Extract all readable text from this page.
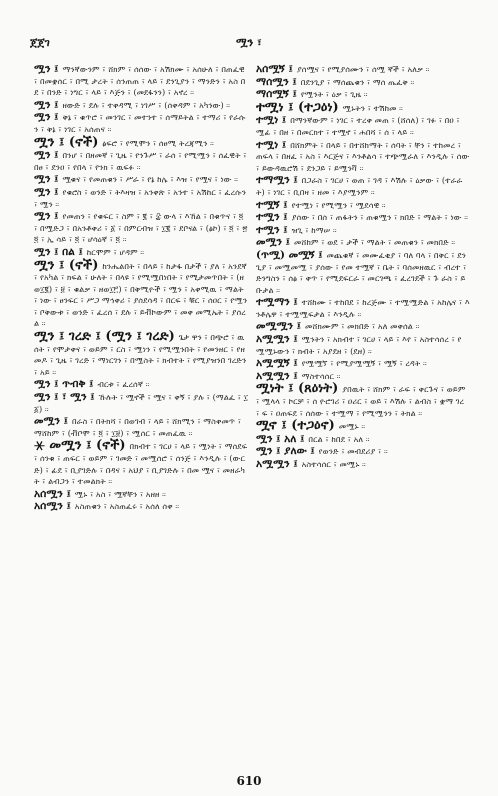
ጀጀገ	ሟን ፣

ሟን ፤ ማንኛውንም ፣ ሸክም ፣ ሰሰው ፣ አሽክሙ ፣ አሰሁለ ፣ በጠፈዊ ፣ በመቋሰር ፣ በሚ ታረት ፣ ሰንጠጠ ፣ ላይ ፣ ደንጊያን ፣ ማንድን ፣ አስ በደ ፣ በንድ ፣ ነግር ፣ ላይ ፣ እጅን ፣ (መደፋንን) ፣ አኖረ ።

ሟን ፤ ዘውድ ፣ ደሉ ፣ ተቀዳሚ ፣ ነገሥ ፣ (ሰቀዳም ፣ አካንው) ።

ሟን ፤ ቅኔ ፣ ቁጥሮ ፣ መንገር ፣ መተንተ ፣ ሰማይትል ፣ ተማሪ ፣ የራሱን ፣ ቅኔ ፣ ነገር ፣ አሰጠና ።

ሟን ፤ (ኖች) ፅፍሮ ፣ የሚሞን ፣ ሰፀሚ ትረጃሚን ።

ሟን ፤ በንሆ ፣ በዘመኛ ፣ ጊዜ ፣ የንጉሥ ፣ ራሰ ፣ የሚሟን ፣ ሰፈዊት ፣ በፀ ፣ ደንዐ ፣ የበላ ፣ የንክ ፣ ዉፍፉ ።

ሟን ፤ ሟቁና ፣ የመጠቁን ፣ ሥራ ፣ የኔ ከሌ ፣ እዝ ፣ የሟና ፣ ነው ።

ሟን ፤ የቁሮስ ፣ ወንድ ፣ ትእዛዝ ፣ አንቀጽ ፣ አንተ ፣ አሽከር ፣ ፈረሱን ፣ ሟን ።

ሟን ፤ የመጠን ፣ የቁፍር ፣ ስም ፣ ፪ ፣ ፰ ውላ ፣ እኸል ፣ በቁጥና ፣ ፬ ፣ በሟድጋ ፣ በአንቶቀሪ ፣ ፩ ፣ በምርብዝ ፣ ፲፪ ፣ ደቦናል ፣ (ፅኮ) ፣ ፬ ፣ ፳፬ ፣ ኢ ሳይ ፣ ፬ ፣ ሆሳዕኛ ፣ ፬ ።

ሟን ፤ በል ፤ ከርሞም ፣ ሆዳም ።

ሟን ፤ (ኖች) ከንሔልበት ፣ በላይ ፣ ከታፋ በታች ፣ ያለ ፣ አንደኛ ፣ የአካል ፣ ክፍል ፣ ሁለት ፣ በላዩ ፣ የሚሟበነበት ፣ የሚታመጥበት ፣ (ዘወ፲፪) ፣ ፱ ፣ ቁልቃ ፣ ዘወ፲፫) ፣ በቅሚዮች ፣ ሟን ፣ አቀሚዉ ፣ ማልት ፣ ነው ፣ ፀንፍር ፣ ሥጋ ማኅቀሪ ፣ ያሰደሳዳ ፣ በርፍ ፣ ቹር ፣ ሰዐር ፣ የሟን ፣ ቦቅውቱ ፣ ወንድ ፣ ፈረሰ ፣ ደሉ ፣ ይቭኮውም ፣ መቀ መሚኤት ፣ ያሰረል ።

ሟን ፤ ገረድ ፤ (ሟን ፤ ገረድ) ጌታ ዋን ፣ በጭሮ ፣ ዉሰት ፣ የሞታቀና ፣ ወይም ፣ ርስ ፣ ሟነን ፣ የሚሟንበት ፣ የመንዘር ፣ የዘመዶ ፣ ጊዜ ፣ ገረድ ፣ ማነርገን ፣ በሟስት ፣ ክብተት ፣ የሚያዝንበ ገረድን ፣ አይ ።

ሟን ፤ ጥብቅ ፤ ብርቱ ፣ ፈረሰኛ ።

ሟን ፤ ፣ ሟን ፤ ኹሉት ፣ ሟኖች ፣ ሟና ፣ ቀኝ ፣ ያሉ ፣ (ማልፈ ፣ ፲፩) ።

መሟን ፤ በራስ ፣ በትክሻ ፣ በወገብ ፣ ላይ ፣ ሸክሚን ፣ ማስቀመጥ ፣ ማሸከም ፣ (ቭቦሞ ፣ ፬ ፣ ፲፱) ፣ ሟሰር ፣ መጠፈዉ ።

⚹ መሟን ፤ (ኖች) በክብተ ፣ ገርሀ ፣ ላይ ፣ ሟነት ፣ ማሰደፍ ፣ ሰንቁ ፣ ጠፍር ፣ ወይም ፣ ገመድ ፣ መሟሰሮ ፣ ሰንጅ ፣ እንዲሉ ፣ (ውርድ) ፣ ፊደ ፣ ቢያገድሉ ፣ በዳና ፣ አህያ ፣ ቢያገድሉ ፣ በመ ሟና ፣ መዘራካት ፣ ልብጋን ፣ ተመልክት ።

አሰሟን ፤ ሟኑ ፣ አስ ፣ ሟኛቸን ፣ አዘዘ ።

አሰሟን ፤ አስጠቁን ፣ አስጠፈሩ ፣ አሰለ ሰቀ ።

አሰሟኝ ፤ ያሰሟና ፣ የሚያሰሙን ፣ ሰሟ ኛች ፣ አለቃ ።

ማሰሟን ፤ በደንጊያ ፣ ማሰጨቁን ፣ ማሰ ጤፈቅ ።

ማሰሟኝ ፤ የሟንት ፣ ዕቃ ፣ ጊዜ ።

ተሟነ ፤ (ተጋዕነ) ሟኑትን ፣ ተሽከመ ።

ተሟነ ፤ በማንኛውም ፣ ነገር ፣ ተረቀ መጠ ፣ (ሸሰለ) ፣ ገፉ ፣ በዐ ፣ ሟፊ ፣ በዘ ፣ በመርክተ ፣ ተሟኖ ፣ ሐበሻ ፣ ሰ ፣ ላይ ።

ተሟነ ፤ በሸክምት ፣ በላይ ፣ በተሸከማት ፣ ሰባት ፣ ቸን ፣ ተከመረ ፣ ጠፍላ ፣ በዘፈ ፣ አስ ፣ እርጅና ፣ እንቶልሳ ፣ ተጭሟራለ ፣ እንዲሉ ፣ ሰው ፣ ይውዳዉሮሽ ፣ ደንጋይ ፣ ይሟንቫ ።

ተማሟን ፤ በጋራስ ፣ ገርሀ ፣ ወጠ ፣ ገዳ ፣ እሽሉ ፣ ዕቃው ፣ (ተራራት) ፣ ነገር ፣ ቢበዛ ፣ ዘመ ፣ እያሟንም ።

ተሟኝ ፤ የተሟነ ፣ የሚሟን ፣ ሟደሳዊ ።

ተሟን ፤ ያሰው ፣ በሰ ፣ ጠፋትን ፣ ጠቁሟን ፣ ክበድ ፣ ማልት ፣ ነው ።

ተሟን ፤ ዝጊ ፣ ከማሠ ።

መሟን ፤ መሸከም ፣ ወደ ፣ ታች ፣ ማልት ፣ መጠቁን ፣ መክበድ ።

(ጥሟ) መሟኝ ፤ መጨቁኛ ፣ መሙፈቂያ ፣ ባለ ባላ ፣ በቅር ፣ ደንጊያ ፣ መሟመሟ ፣ ያሰው ፣ የመ ተሟኛ ፣ ቤት ፣ ባሰመዘዉር ፣ ብረተ ፣ ድንግስን ፣ ሰፅ ፣ ቀጥ ፣ የሚደፍርራ ፣ መርገጫ ፣ ፈረገደች ፣ ጉ ራስ ፣ ይቡታል ።

ተሟማን ፤ ተሸከሙ ፣ ተከበደ ፣ ከረጅሙ ፣ ተሟሟድል ፣ አከሌና ፣ እንቶሌዋ ፣ ተሟሟፍታል ፣ እንዲሉ ።

መሟሟን ፤ መሸክሙም ፣ መክበድ ፣ አለ መቀሰል ።

አሟሟን ፤ ሟንትን ፣ አክብተ ፣ ገርሀ ፣ ላይ ፣ እየ ፣ አስተሳሰረ ፣ የሟሟኑውን ፣ ክብት ፣ አያደዘ ፣ (ደዘ) ።

አሟሟኝ ፤ የሟሟኘ ፣ የሚያሟሟኝ ፣ ሟኝ ፣ ረዳት ።

አሟሟን ፤ ማስተሳሰር ።

ሟነት ፤ (ጸዕነት) ያበዉት ፣ ሸክም ፣ ራፍ ፣ ቀርጉና ፣ ወይም ፣ ሟላላ ፣ ኮርቻ ፣ ሰ ዮሮገሪ ፣ ዐሪር ፣ ወይ ፣ እሽሉ ፣ ልብስ ፣ ቋማ ገረ ፣ ፍ ፣ ዐጠፍደ ፣ ሰሰው ፣ ተሟማ ፣ የሚሟንን ፣ ትክል ።

ሟኖ ፤ (ተጋዕኖ) መሟኑ ።

ሟን ፤ አለ ፤ በርል ፣ ከበደ ፣ አለ ።

ሟን ፤ ያለው ፤ የወንድ ፣ መብደሪያ ፣ ።

አሟሟን ፤ አስተሳሰር ፣ መሟኑ ።

610
